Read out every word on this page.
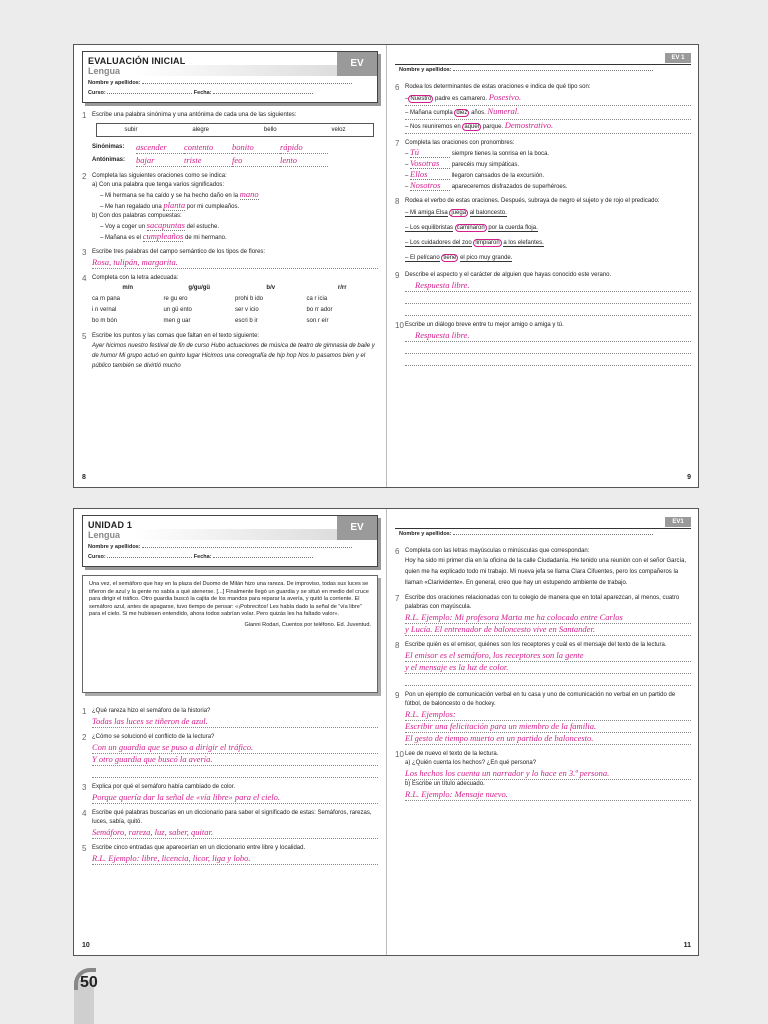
EVALUACIÓN INICIAL
Lengua
EV
Nombre y apellidos:
Curso:	Fecha:
1 Escribe una palabra sinónima y una antónima de cada una de las siguientes:
subir	alegre	bello	veloz
Sinónimas:	ascender	contento	bonito	rápido
Antónimas:	bajar	triste	feo	lento
2 Completa las siguientes oraciones como se indica:
a) Con una palabra que tenga varios significados:
– Mi hermana se ha caído y se ha hecho daño en la mano
– Me han regalado una planta por mi cumpleaños.
b) Con dos palabras compuestas:
– Voy a coger un sacapuntas del estuche.
– Mañana es el cumpleaños de mi hermano.
3 Escribe tres palabras del campo semántico de los tipos de flores:
Rosa, tulipán, margarita.
4 Completa con la letra adecuada:
m/n	g/gu/gü	b/v	r/rr
ca m pana	re gu ero	prohi b ido	ca r icia
i n vernal	un gü ento	ser v icio	bo rr ador
bo m bón	men g uar	escri b ir	son r eír
5 Escribe los puntos y las comas que faltan en el texto siguiente:
Ayer hicimos nuestro festival de fin de curso Hubo actuaciones de música de teatro de gimnasia de baile y de humor Mi grupo actuó en quinto lugar Hicimos una coreografía de hip hop Nos lo pasamos bien y el público también se divirtió mucho
8
EV 1
Nombre y apellidos:
6 Rodea los determinantes de estas oraciones e indica de qué tipo son:
– Nuestro padre es camarero. Posesivo.
– Mañana cumpla diez años. Numeral.
– Nos reuniremos en aquel parque. Demostrativo.
7 Completa las oraciones con pronombres:
– Tú	siempre tienes la sonrisa en la boca.
– Vosotras parecéis muy simpáticas.
– Ellos	llegaron cansados de la excursión.
– Nosotros apareceremos disfrazados de superhéroes.
8 Rodea el verbo de estas oraciones. Después, subraya de negro el sujeto y de rojo el predicado:
– Mi amiga Elsa juega al baloncesto.
– Los equilibristas caminaron por la cuerda floja.
– Los cuidadores del zoo limpiaron a los elefantes.
– El pelícano tiene el pico muy grande.
9 Describe el aspecto y el carácter de alguien que hayas conocido este verano.
Respuesta libre.
10 Escribe un diálogo breve entre tu mejor amigo o amiga y tú.
Respuesta libre.
9
UNIDAD 1
Lengua
EV
Nombre y apellidos:
Curso:	Fecha:
Una vez, el semáforo que hay en la plaza del Duomo de Milán hizo una rareza. De improviso, todas sus luces se tiñeron de azul y la gente no sabía a qué atenerse. [...] Finalmente llegó un guardia y se situó en medio del cruce para dirigir el tráfico. Otro guardia buscó la cajita de los mandos para reparar la avería, y quitó la corriente. El semáforo azul, antes de apagarse, tuvo tiempo de pensar: «¡Pobrecitos! Les había dado la señal de “vía libre” para el cielo. Si me hubiesen entendido, ahora todos sabrían volar. Pero quizás les ha faltado valor».
Gianni Rodari, Cuentos por teléfono. Ed. Juventud.
1 ¿Qué rareza hizo el semáforo de la historia?
Todas las luces se tiñeron de azul.
2 ¿Cómo se solucionó el conflicto de la lectura?
Con un guardia que se puso a dirigir el tráfico.
Y otro guardia que buscó la avería.
3 Explica por qué el semáforo había cambiado de color.
Porque quería dar la señal de «vía libre» para el cielo.
4 Escribe qué palabras buscarías en un diccionario para saber el significado de estas: Semáforos, rarezas, luces, sabía, quitó.
Semáforo, rareza, luz, saber, quitar.
5 Escribe cinco entradas que aparecerían en un diccionario entre libre y localidad.
R.L. Ejemplo: libre, licencia, licor, liga y lobo.
10
EV1
Nombre y apellidos:
6 Completa con las letras mayúsculas o minúsculas que correspondan:
Hoy ha sido mi primer día en la oficina de la calle Ciudadanía. He tenido una reunión con el señor García, quien me ha explicado todo mi trabajo. Mi nueva jefa se llama Clara Cifuentes, pero los compañeros la llaman «Clarividente». En general, creo que hay un estupendo ambiente de trabajo.
7 Escribe dos oraciones relacionadas con tu colegio de manera que en total aparezcan, al menos, cuatro palabras con mayúscula.
R.L. Ejemplo: Mi profesora Marta me ha colocado entre Carlos
y Lucía. El entrenador de baloncesto vive en Santander.
8 Escribe quién es el emisor, quiénes son los receptores y cuál es el mensaje del texto de la lectura.
El emisor es el semáforo, los receptores son la gente
y el mensaje es la luz de color.
9 Pon un ejemplo de comunicación verbal en tu casa y uno de comunicación no verbal en un partido de fútbol, de baloncesto o de hockey.
R.L. Ejemplos:
Escribir una felicitación para un miembro de la familia.
El gesto de tiempo muerto en un partido de baloncesto.
10 Lee de nuevo el texto de la lectura.
a) ¿Quién cuenta los hechos? ¿En qué persona?
Los hechos los cuenta un narrador y lo hace en 3.ª persona.
b) Escribe un título adecuado.
R.L. Ejemplo: Mensaje nuevo.
11
50
